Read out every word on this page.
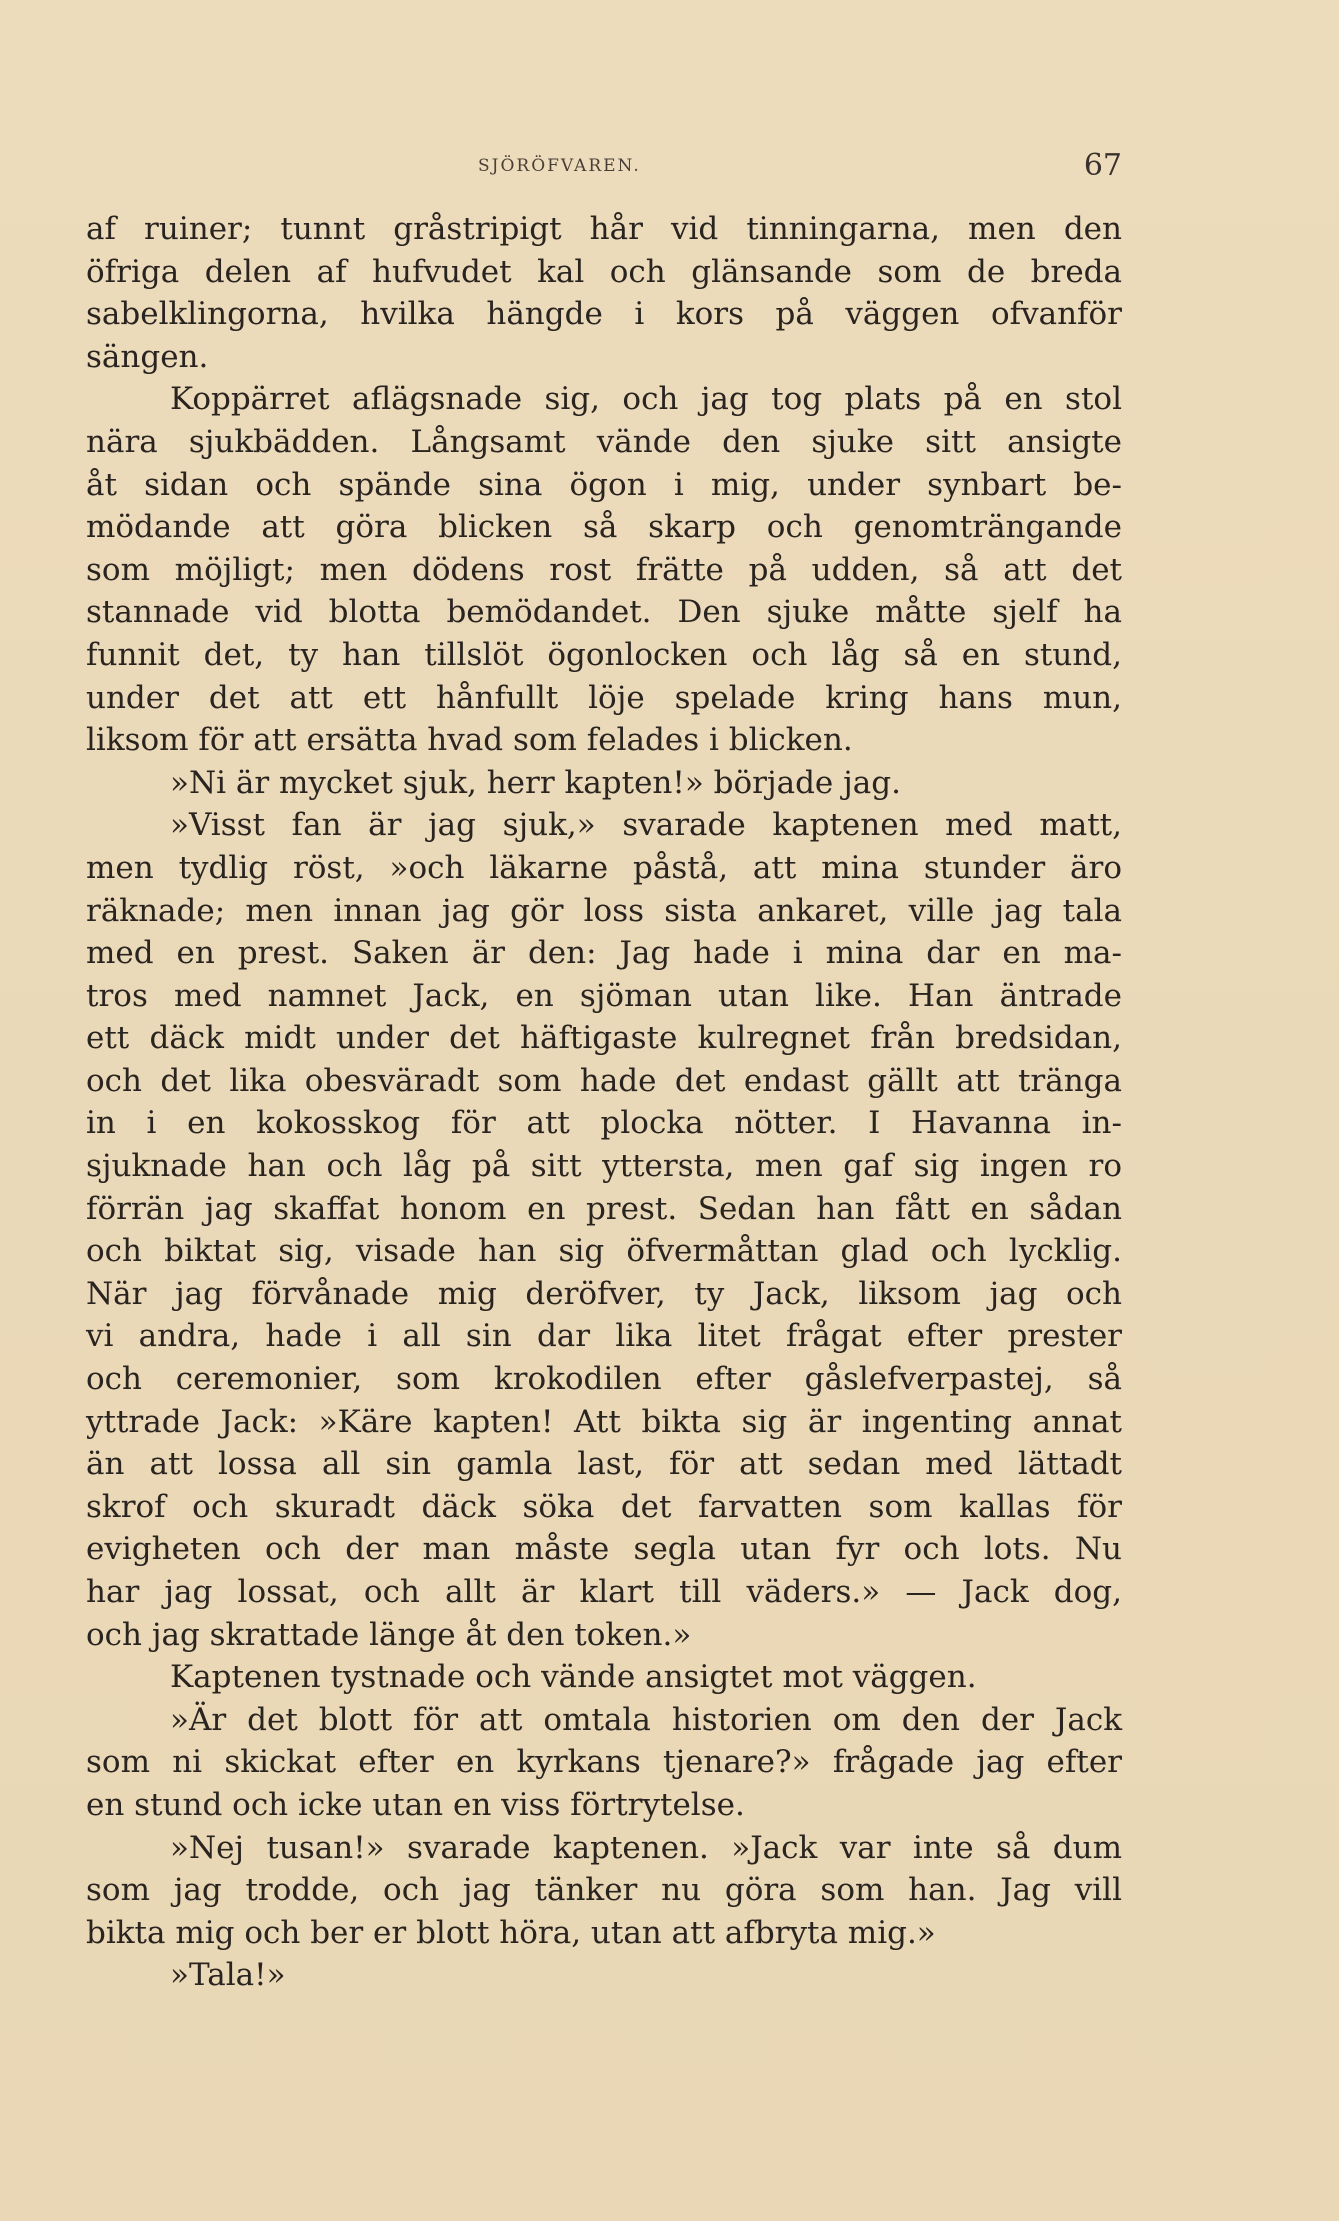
SJÖRÖFVAREN.	67
af ruiner; tunnt gråstripigt hår vid tinningarna, men den
öfriga delen af hufvudet kal och glänsande som de breda
sabelklingorna, hvilka hängde i kors på väggen ofvanför
sängen.
Koppärret aflägsnade sig, och jag tog plats på en stol
nära sjukbädden. Långsamt vände den sjuke sitt ansigte
åt sidan och spände sina ögon i mig, under synbart be-
mödande att göra blicken så skarp och genomträngande
som möjligt; men dödens rost frätte på udden, så att det
stannade vid blotta bemödandet. Den sjuke måtte sjelf ha
funnit det, ty han tillslöt ögonlocken och låg så en stund,
under det att ett hånfullt löje spelade kring hans mun,
liksom för att ersätta hvad som felades i blicken.
»Ni är mycket sjuk, herr kapten!» började jag.
»Visst fan är jag sjuk,» svarade kaptenen med matt,
men tydlig röst, »och läkarne påstå, att mina stunder äro
räknade; men innan jag gör loss sista ankaret, ville jag tala
med en prest. Saken är den: Jag hade i mina dar en ma-
tros med namnet Jack, en sjöman utan like. Han äntrade
ett däck midt under det häftigaste kulregnet från bredsidan,
och det lika obesväradt som hade det endast gällt att tränga
in i en kokosskog för att plocka nötter. I Havanna in-
sjuknade han och låg på sitt yttersta, men gaf sig ingen ro
förrän jag skaffat honom en prest. Sedan han fått en sådan
och biktat sig, visade han sig öfvermåttan glad och lycklig.
När jag förvånade mig deröfver, ty Jack, liksom jag och
vi andra, hade i all sin dar lika litet frågat efter prester
och ceremonier, som krokodilen efter gåslefverpastej, så
yttrade Jack: »Käre kapten! Att bikta sig är ingenting annat
än att lossa all sin gamla last, för att sedan med lättadt
skrof och skuradt däck söka det farvatten som kallas för
evigheten och der man måste segla utan fyr och lots. Nu
har jag lossat, och allt är klart till väders.» — Jack dog,
och jag skrattade länge åt den token.»
Kaptenen tystnade och vände ansigtet mot väggen.
»Är det blott för att omtala historien om den der Jack
som ni skickat efter en kyrkans tjenare?» frågade jag efter
en stund och icke utan en viss förtrytelse.
»Nej tusan!» svarade kaptenen. »Jack var inte så dum
som jag trodde, och jag tänker nu göra som han. Jag vill
bikta mig och ber er blott höra, utan att afbryta mig.»
»Tala!»
